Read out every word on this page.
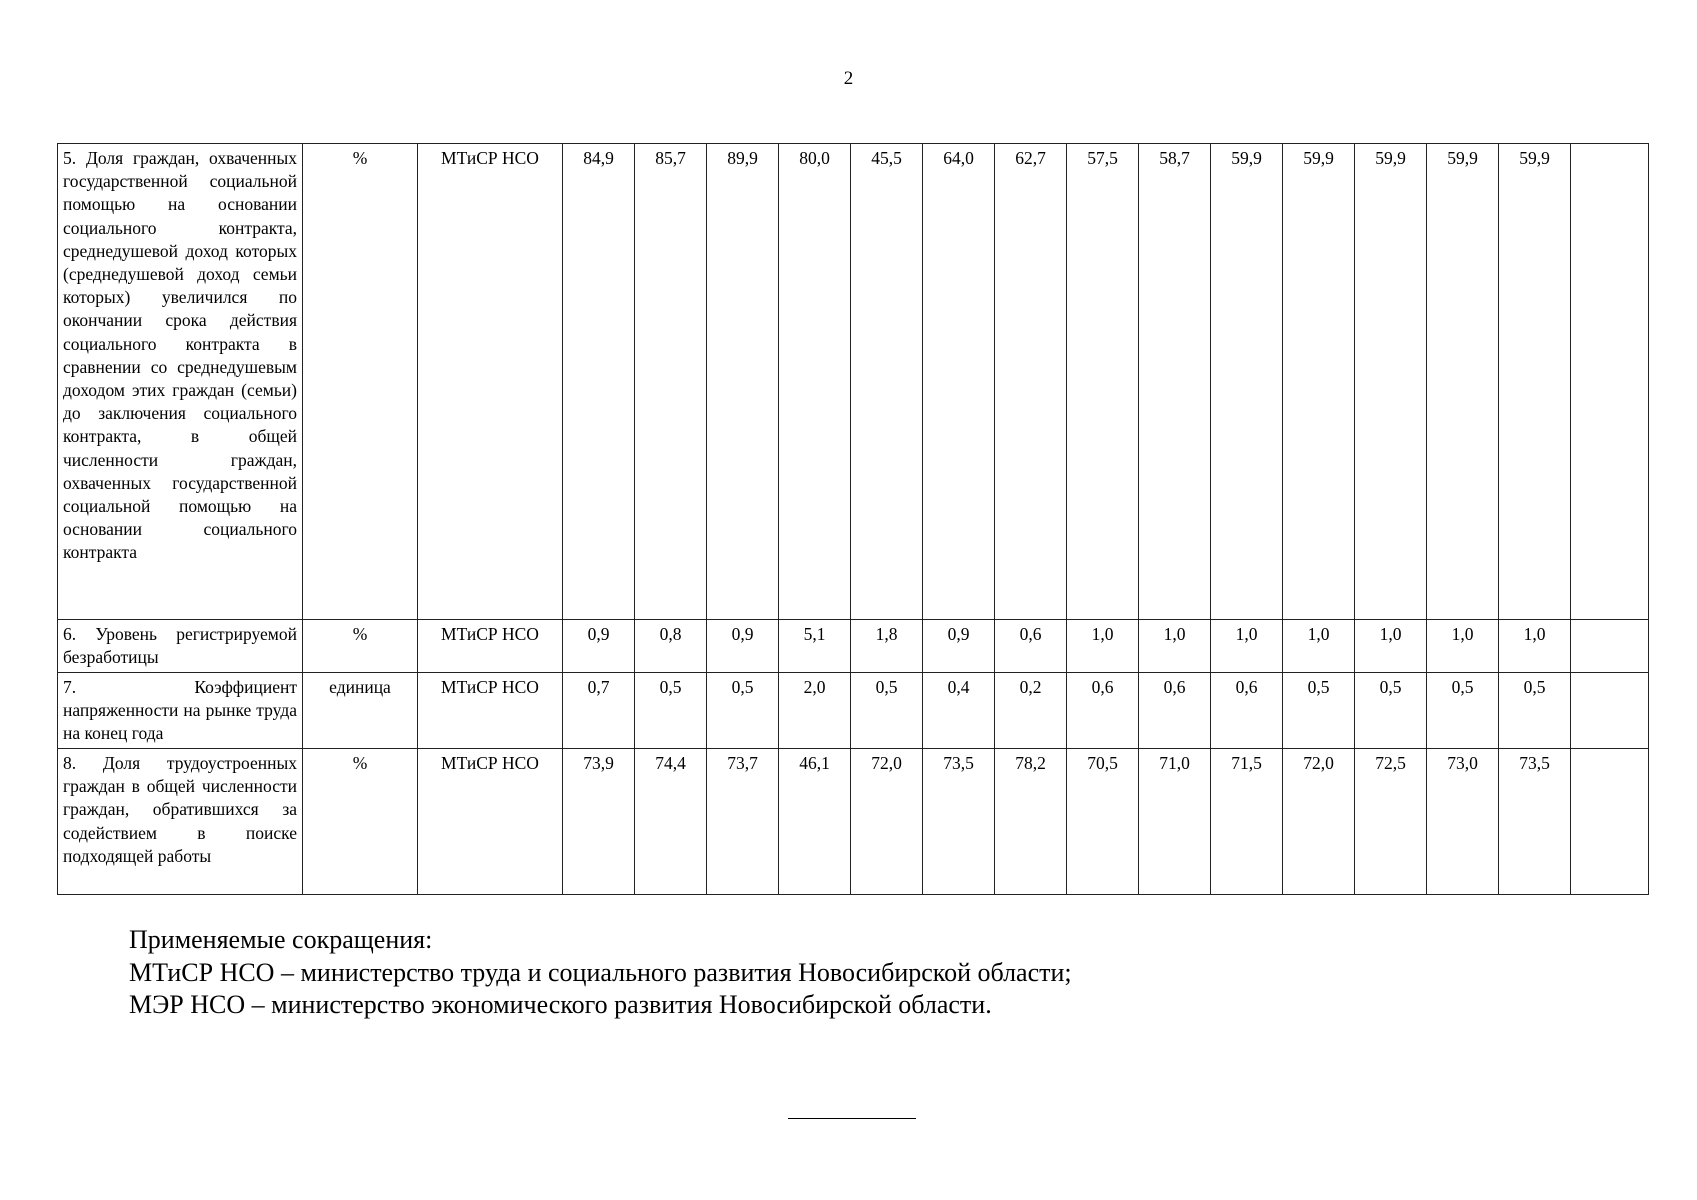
2
5. Доля граждан, охваченных государственной социальной помощью на основании социального контракта, среднедушевой доход которых (среднедушевой доход семьи которых) увеличился по окончании срока действия социального контракта в сравнении со среднедушевым доходом этих граждан (семьи) до заключения социального контракта, в общей численности граждан, охваченных государственной социальной помощью на основании социального контракта	%	МТиСР НСО	84,9	85,7	89,9	80,0	45,5	64,0	62,7	57,5	58,7	59,9	59,9	59,9	59,9	59,9	
6. Уровень регистрируемой безработицы	%	МТиСР НСО	0,9	0,8	0,9	5,1	1,8	0,9	0,6	1,0	1,0	1,0	1,0	1,0	1,0	1,0	
7. Коэффициент напряженности на рынке труда на конец года	единица	МТиСР НСО	0,7	0,5	0,5	2,0	0,5	0,4	0,2	0,6	0,6	0,6	0,5	0,5	0,5	0,5	
8. Доля трудоустроенных граждан в общей численности граждан, обратившихся за содействием в поиске подходящей работы	%	МТиСР НСО	73,9	74,4	73,7	46,1	72,0	73,5	78,2	70,5	71,0	71,5	72,0	72,5	73,0	73,5	
Применяемые сокращения:
МТиСР НСО – министерство труда и социального развития Новосибирской области;
МЭР НСО – министерство экономического развития Новосибирской области.
